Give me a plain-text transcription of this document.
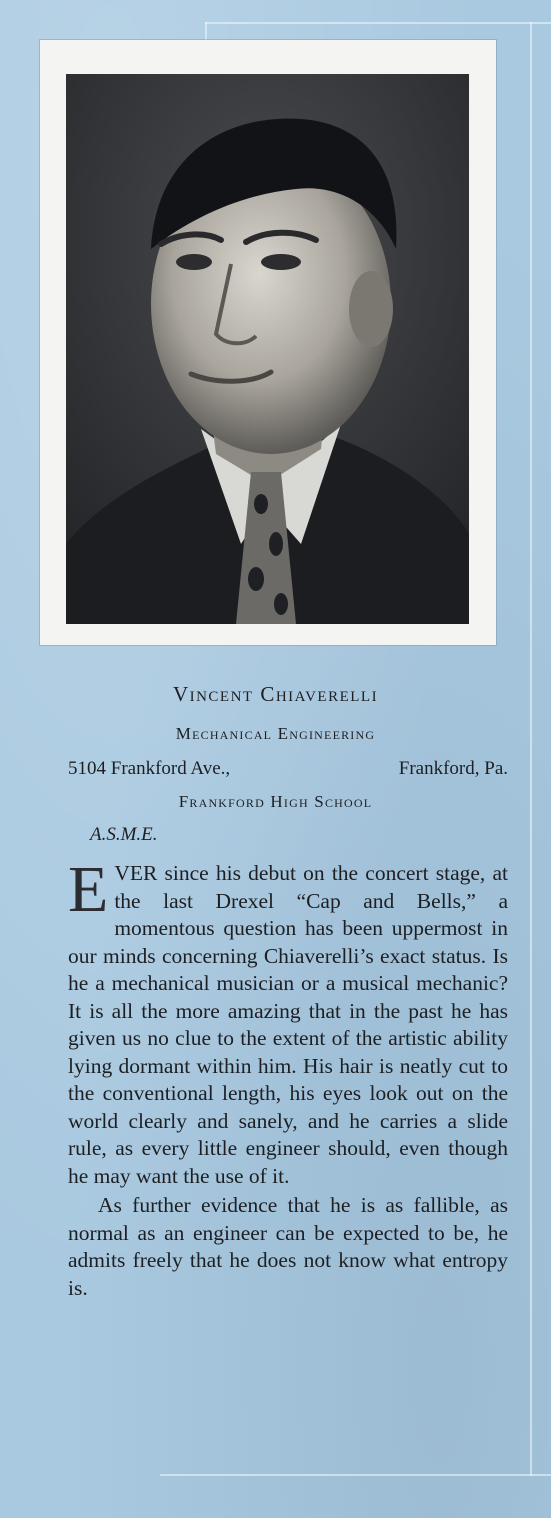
Vincent Chiaverelli
Mechanical Engineering
5104 Frankford Ave.,	Frankford, Pa.
Frankford High School
A.S.M.E.

EVER since his debut on the concert stage, at the last Drexel “Cap and Bells,” a momentous question has been uppermost in our minds concerning Chiaverelli’s exact status. Is he a mechanical musician or a musical mechanic? It is all the more amazing that in the past he has given us no clue to the extent of the artistic ability lying dormant within him. His hair is neatly cut to the conventional length, his eyes look out on the world clearly and sanely, and he carries a slide rule, as every little engineer should, even though he may want the use of it.

As further evidence that he is as fallible, as normal as an engineer can be expected to be, he admits freely that he does not know what entropy is.
